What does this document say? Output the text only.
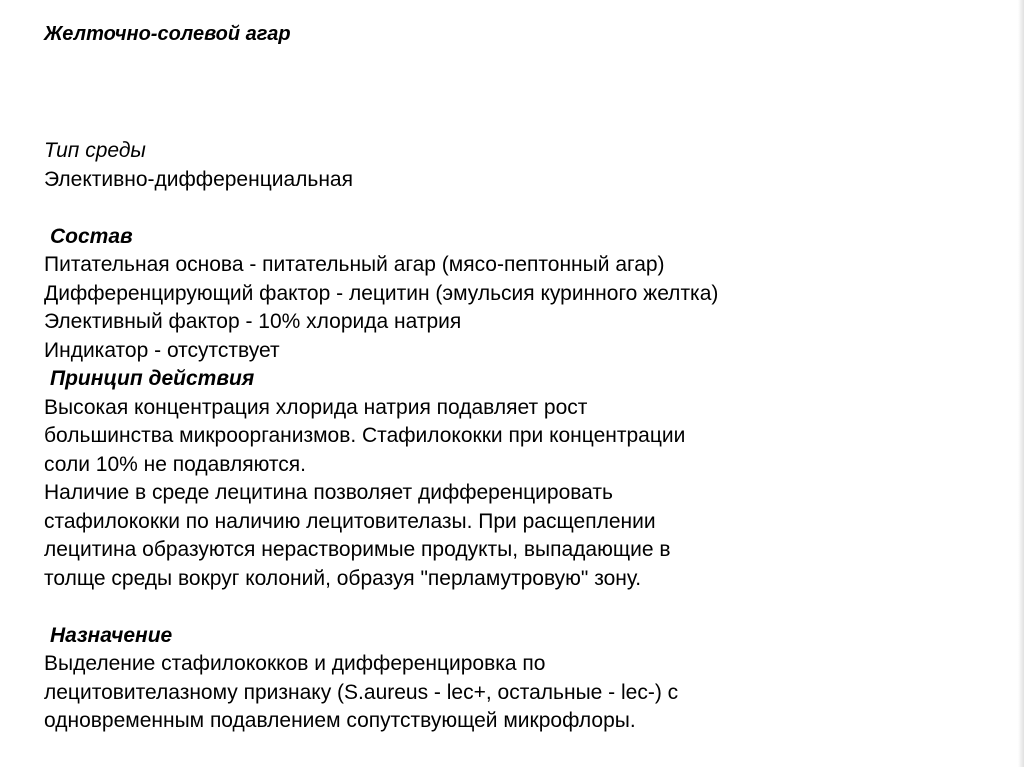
Желточно-солевой агар
Тип среды
Элективно-дифференциальная
Состав
Питательная основа - питательный агар (мясо-пептонный агар)
Дифференцирующий фактор - лецитин (эмульсия куринного желтка)
Элективный фактор - 10% хлорида натрия
Индикатор - отсутствует
Принцип действия
Высокая концентрация хлорида натрия подавляет рост
большинства микроорганизмов. Стафилококки при концентрации
соли 10% не подавляются.
Наличие в среде лецитина позволяет дифференцировать
стафилококки по наличию лецитовителазы. При расщеплении
лецитина образуются нерастворимые продукты, выпадающие в
толще среды вокруг колоний, образуя "перламутровую" зону.
Назначение
Выделение стафилококков и дифференцировка по
лецитовителазному признаку (S.aureus - lec+, остальные - lec-) с
одновременным подавлением сопутствующей микрофлоры.
